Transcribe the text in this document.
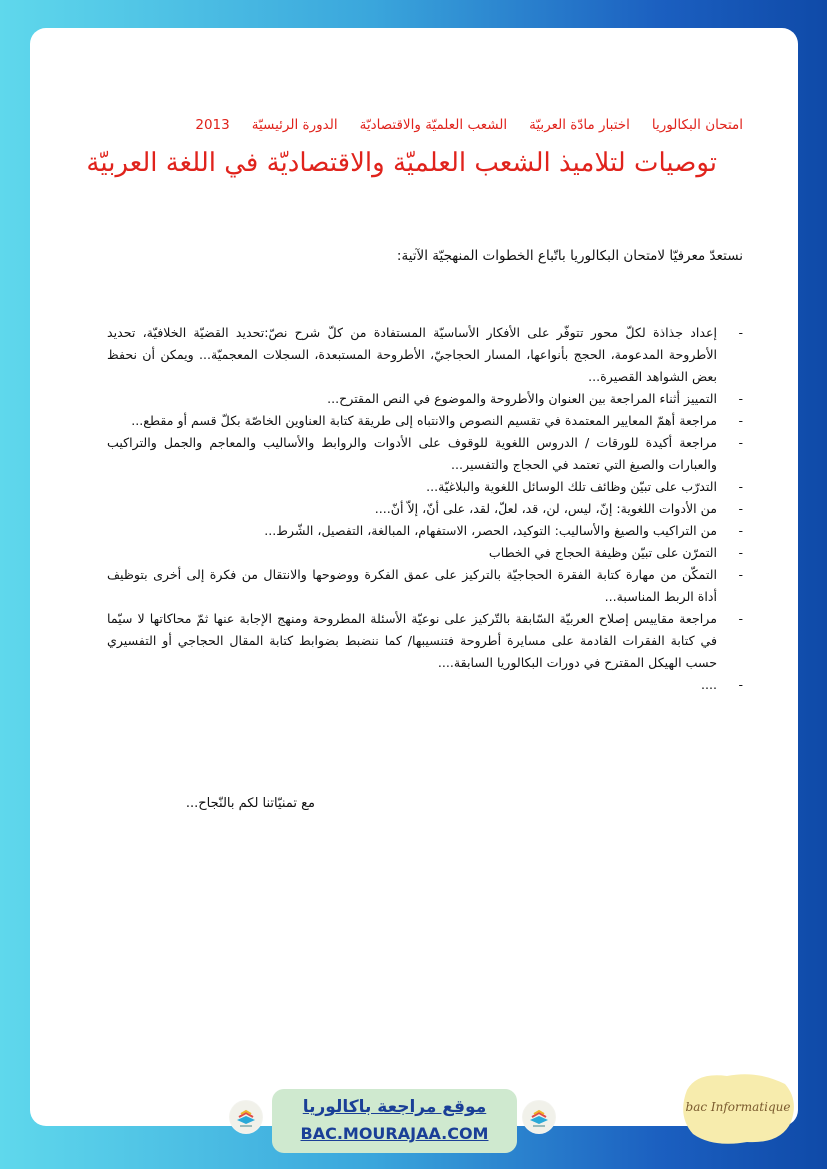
امتحان البكالوريااختبار مادّة العربيّةالشعب العلميّة والاقتصاديّةالدورة الرئيسيّة2013
توصيات لتلاميذ الشعب العلميّة والاقتصاديّة في اللغة العربيّة
نستعدّ معرفيّا لامتحان البكالوريا باتّباع الخطوات المنهجيّة الآتية:
- إعداد جذاذة لكلّ محور تتوفّر على الأفكار الأساسيّة المستفادة من كلّ شرح نصّ:تحديد القضيّة الخلافيّة، تحديد الأطروحة المدعومة، الحجج بأنواعها، المسار الحجاجيّ، الأطروحة المستبعدة، السجلات المعجميّة... ويمكن أن نحفظ بعض الشواهد القصيرة...
- التمييز أثناء المراجعة بين العنوان والأطروحة والموضوع في النص المقترح...
- مراجعة أهمّ المعايير المعتمدة في تقسيم النصوص والانتباه إلى طريقة كتابة العناوين الخاصّة بكلّ قسم أو مقطع...
- مراجعة أكيدة للورقات / الدروس اللغوية للوقوف على الأدوات والروابط والأساليب والمعاجم والجمل والتراكيب والعبارات والصيغ التي تعتمد في الحجاج والتفسير...
- التدرّب على تبيّن وظائف تلك الوسائل اللغوية والبلاغيّة...
- من الأدوات اللغوية: إنّ، ليس، لن، قد، لعلّ، لقد، على أنّ، إلاّ أنّ....
- من التراكيب والصيغ والأساليب: التوكيد، الحصر، الاستفهام، المبالغة، التفصيل، الشّرط...
- التمرّن على تبيّن وظيفة الحجاج في الخطاب
- التمكّن من مهارة كتابة الفقرة الحجاجيّة بالتركيز على عمق الفكرة ووضوحها والانتقال من فكرة إلى أخرى بتوظيف أداة الربط المناسبة...
- مراجعة مقاييس إصلاح العربيّة السّابقة بالتّركيز على نوعيّة الأسئلة المطروحة ومنهج الإجابة عنها ثمّ محاكاتها لا سيّما في كتابة الفقرات القادمة على مسايرة أطروحة فتنسيبها/ كما ننضبط بضوابط كتابة المقال الحجاجي أو التفسيري حسب الهيكل المقترح في دورات البكالوريا السابقة....
- ....
مع تمنيّاتنا لكم بالنّجاح...
موقع مراجعة باكالوريا
BAC.MOURAJAA.COM
bac Informatique
